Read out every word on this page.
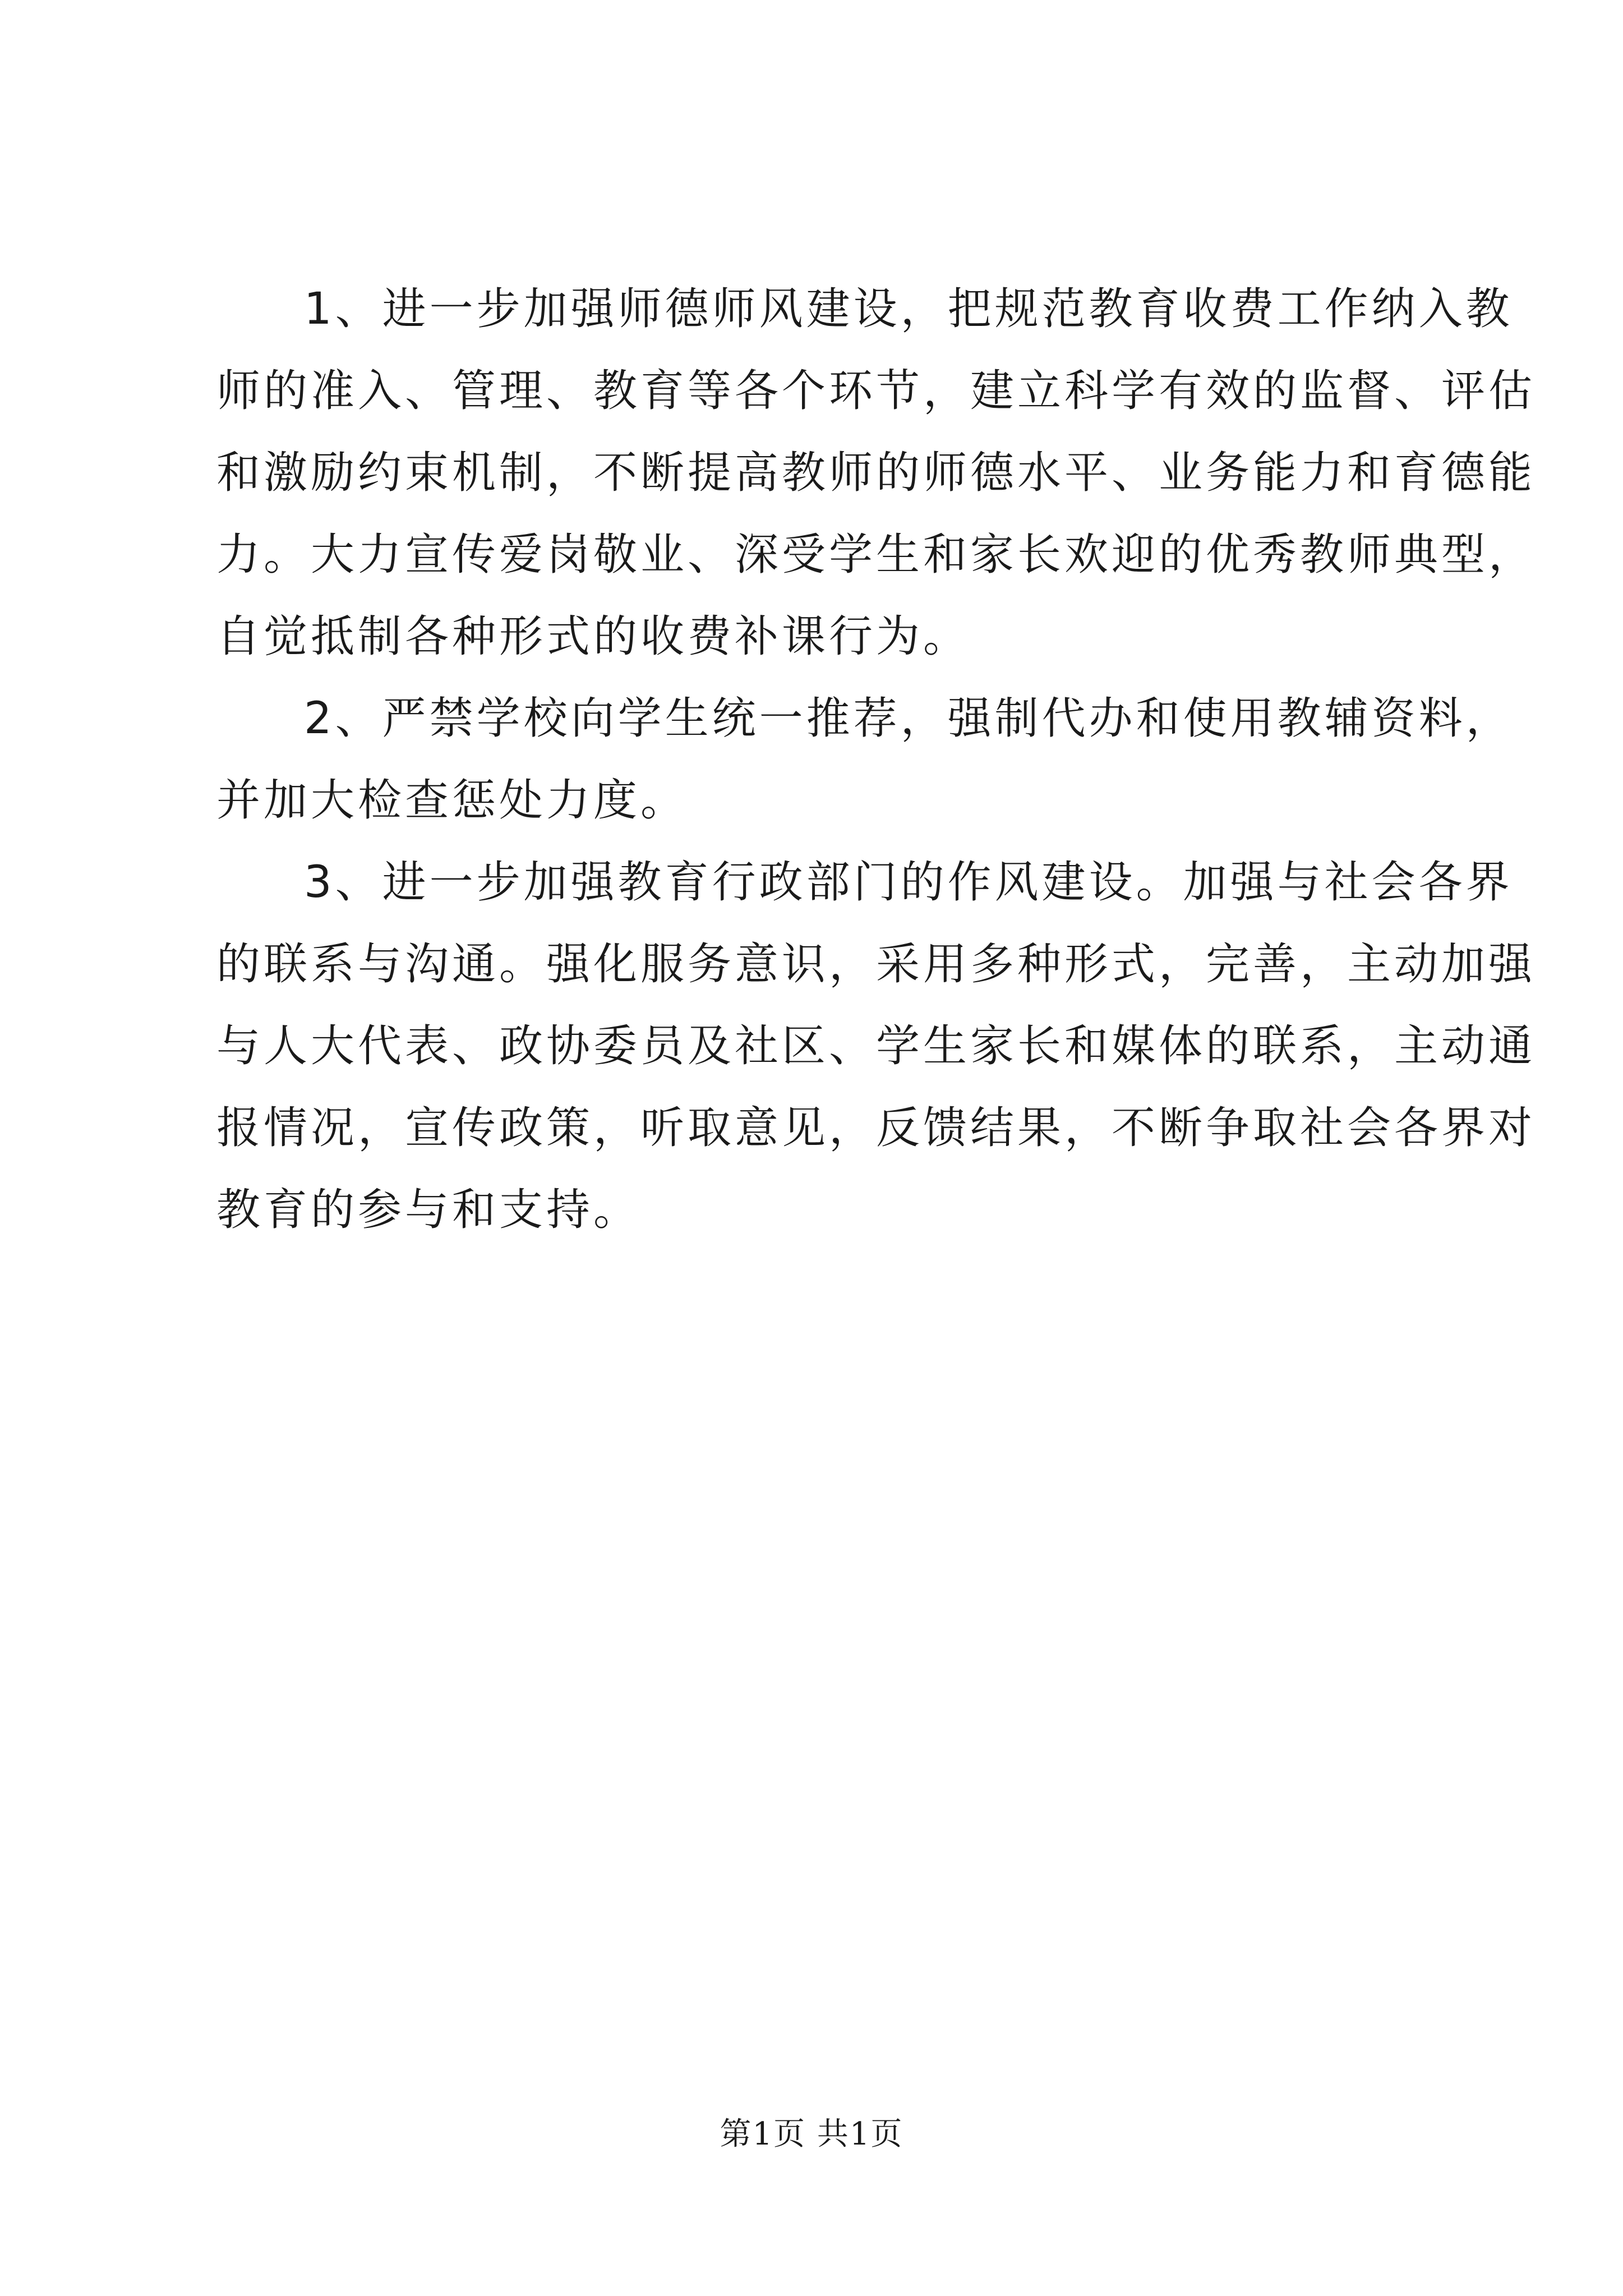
1、进一步加强师德师风建设，把规范教育收费工作纳入教
师的准入、管理、教育等各个环节，建立科学有效的监督、评估
和激励约束机制，不断提高教师的师德水平、业务能力和育德能
力。大力宣传爱岗敬业、深受学生和家长欢迎的优秀教师典型，
自觉抵制各种形式的收费补课行为。
2、严禁学校向学生统一推荐，强制代办和使用教辅资料，
并加大检查惩处力度。
3、进一步加强教育行政部门的作风建设。加强与社会各界
的联系与沟通。强化服务意识，采用多种形式，完善，主动加强
与人大代表、政协委员及社区、学生家长和媒体的联系，主动通
报情况，宣传政策，听取意见，反馈结果，不断争取社会各界对
教育的参与和支持。
第1页 共1页
